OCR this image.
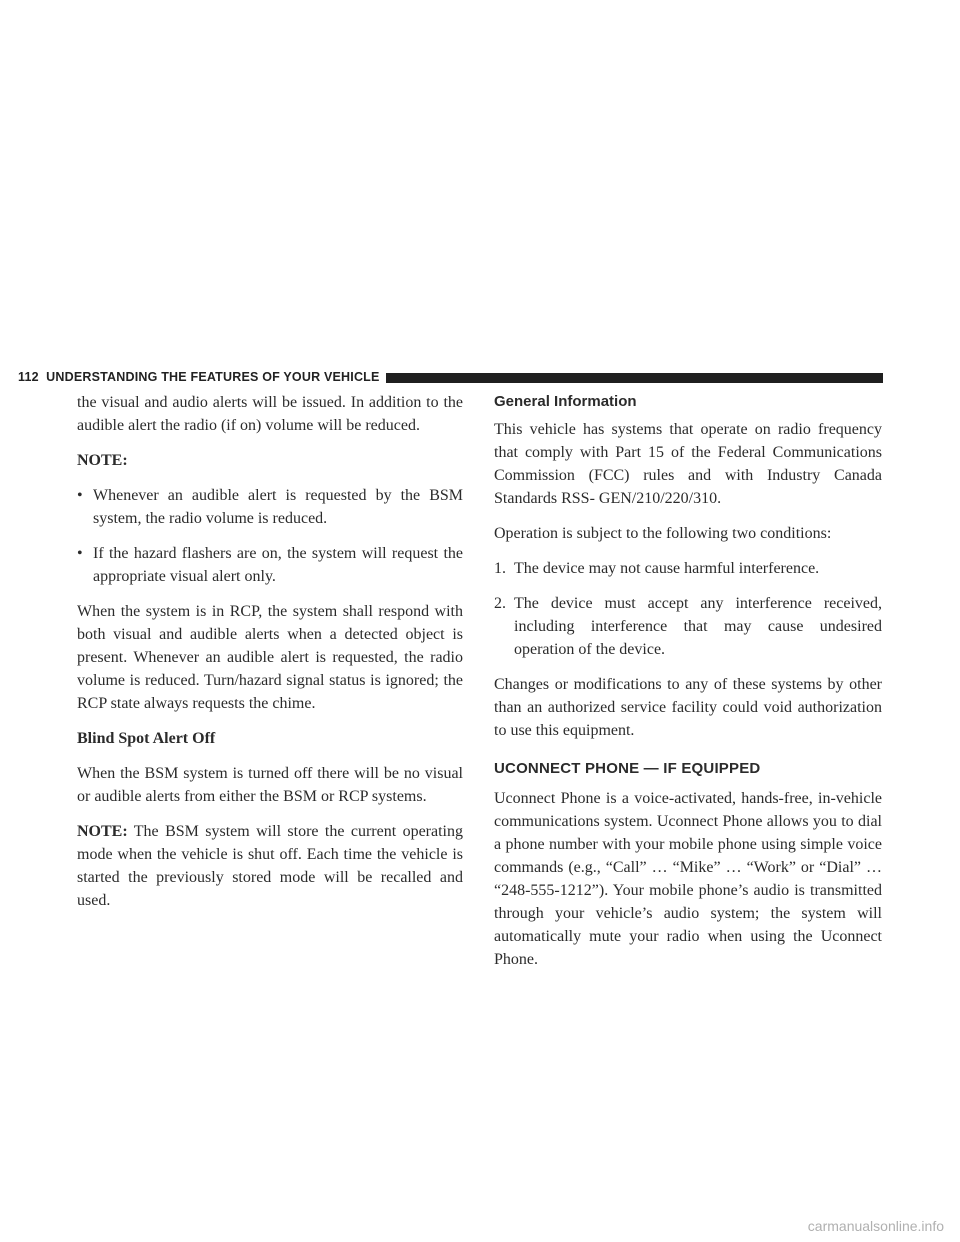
112 UNDERSTANDING THE FEATURES OF YOUR VEHICLE

the visual and audio alerts will be issued. In addition to the audible alert the radio (if on) volume will be reduced.

NOTE:

• Whenever an audible alert is requested by the BSM system, the radio volume is reduced.
• If the hazard flashers are on, the system will request the appropriate visual alert only.

When the system is in RCP, the system shall respond with both visual and audible alerts when a detected object is present. Whenever an audible alert is requested, the radio volume is reduced. Turn/hazard signal status is ignored; the RCP state always requests the chime.

Blind Spot Alert Off

When the BSM system is turned off there will be no visual or audible alerts from either the BSM or RCP systems.

NOTE: The BSM system will store the current operating mode when the vehicle is shut off. Each time the vehicle is started the previously stored mode will be recalled and used.

General Information

This vehicle has systems that operate on radio frequency that comply with Part 15 of the Federal Communications Commission (FCC) rules and with Industry Canada Standards RSS- GEN/210/220/310.

Operation is subject to the following two conditions:

1. The device may not cause harmful interference.
2. The device must accept any interference received, including interference that may cause undesired operation of the device.

Changes or modifications to any of these systems by other than an authorized service facility could void authorization to use this equipment.

UCONNECT PHONE — IF EQUIPPED

Uconnect Phone is a voice-activated, hands-free, in-vehicle communications system. Uconnect Phone allows you to dial a phone number with your mobile phone using simple voice commands (e.g., “Call” … “Mike” … “Work” or “Dial” … “248-555-1212”). Your mobile phone’s audio is transmitted through your vehicle’s audio system; the system will automatically mute your radio when using the Uconnect Phone.

carmanualsonline.info
